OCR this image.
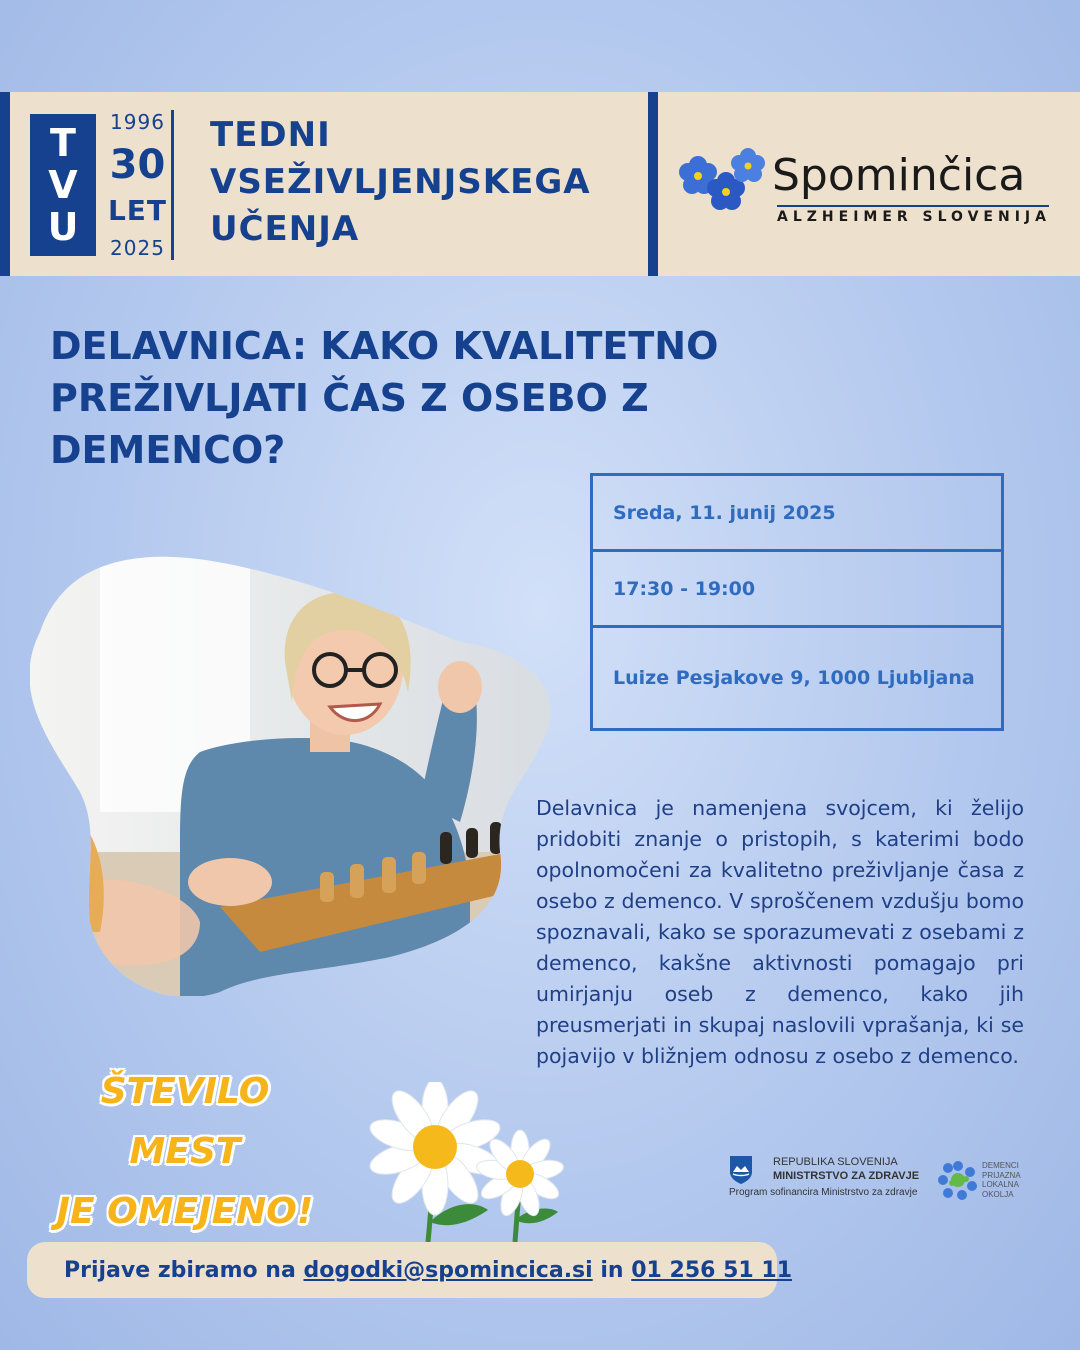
T
V
U
1996
30
LET
2025
TEDNI
VSEŽIVLJENJSKEGA
UČENJA
Spominčica
ALZHEIMER SLOVENIJA
DELAVNICA: KAKO KVALITETNO PREŽIVLJATI ČAS Z OSEBO Z DEMENCO?
Sreda, 11. junij 2025
17:30 - 19:00
Luize Pesjakove 9, 1000 Ljubljana
Delavnica je namenjena svojcem, ki želijo pridobiti znanje o pristopih, s katerimi bodo opolnomočeni za kvalitetno preživljanje časa z osebo z demenco. V sproščenem vzdušju bomo spoznavali, kako se sporazumevati z osebami z demenco, kakšne aktivnosti pomagajo pri umirjanju oseb z demenco, kako jih preusmerjati in skupaj naslovili vprašanja, ki se pojavijo v bližnjem odnosu z osebo z demenco.
ŠTEVILO MEST
JE OMEJENO!
REPUBLIKA SLOVENIJA
MINISTRSTVO ZA ZDRAVJE
Program sofinancira Ministrstvo za zdravje
DEMENCI
PRIJAZNA
LOKALNA
OKOLJA
Prijave zbiramo na
dogodki@spomincica.si
in
01 256 51 11
